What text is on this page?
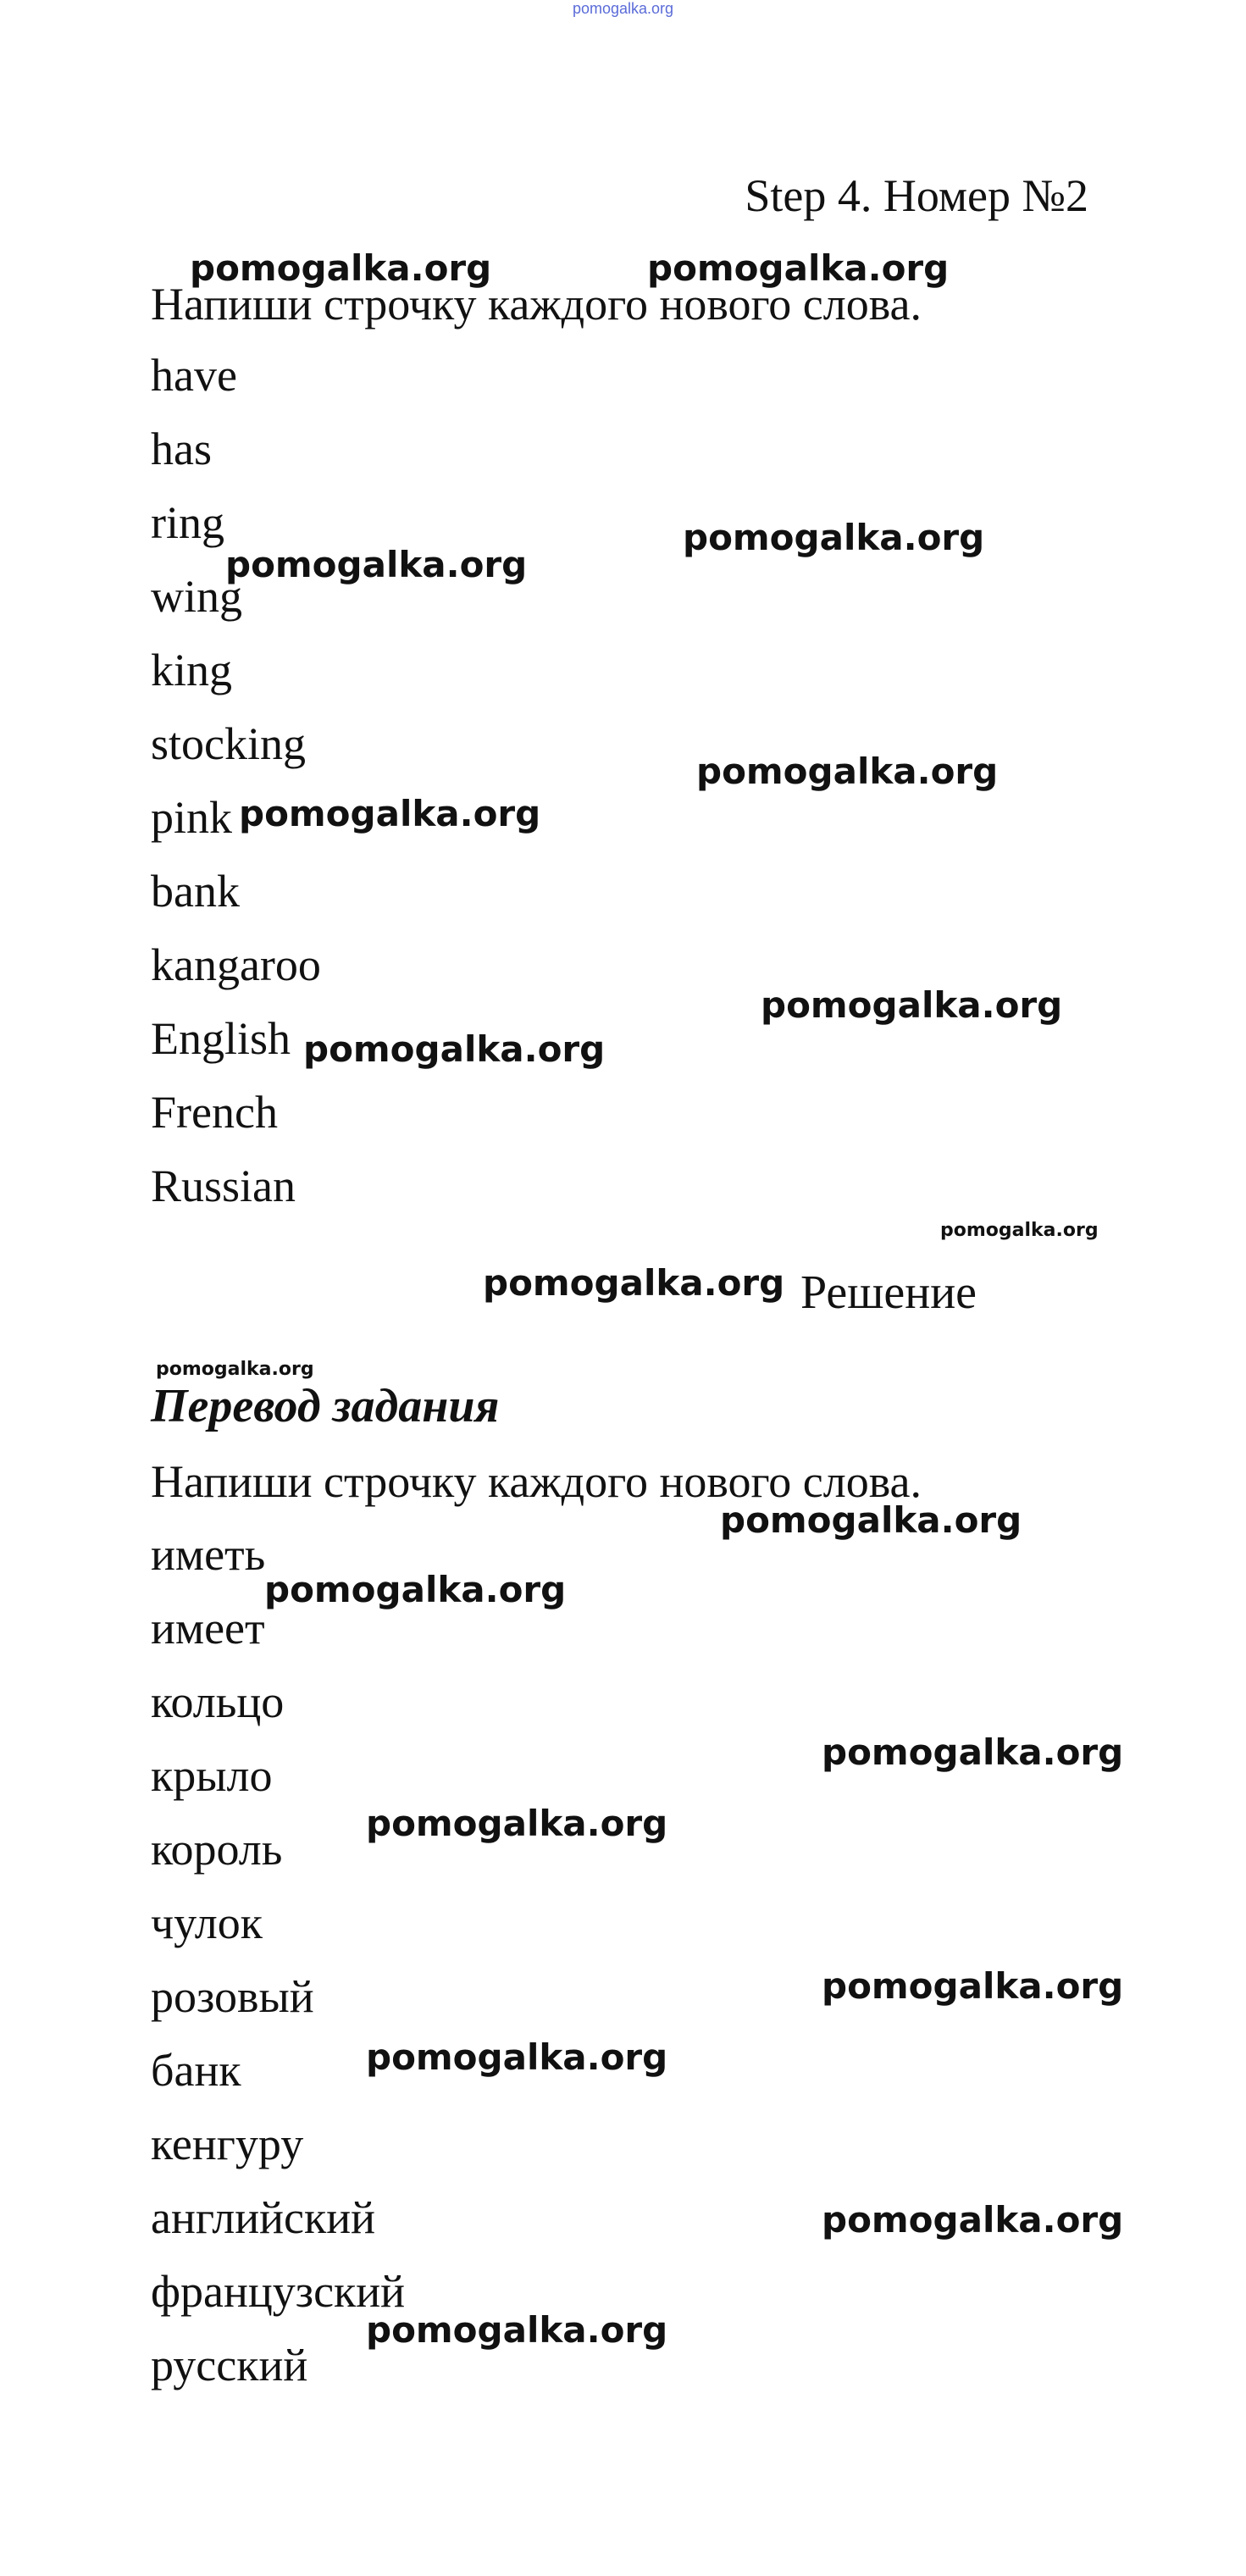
pomogalka.org
Step 4. Номер №2
Напиши строчку каждого нового слова.
have
has
ring
wing
king
stocking
pink
bank
kangaroo
English
French
Russian
Решение
Перевод задания
Напиши строчку каждого нового слова.
иметь
имеет
кольцо
крыло
король
чулок
розовый
банк
кенгуру
английский
французский
русский
pomogalka.org	pomogalka.org
pomogalka.org
pomogalka.org
pomogalka.org
pomogalka.org
pomogalka.org
pomogalka.org
pomogalka.org
pomogalka.org
pomogalka.org
pomogalka.org
pomogalka.org
pomogalka.org
pomogalka.org
pomogalka.org
pomogalka.org
pomogalka.org
pomogalka.org
